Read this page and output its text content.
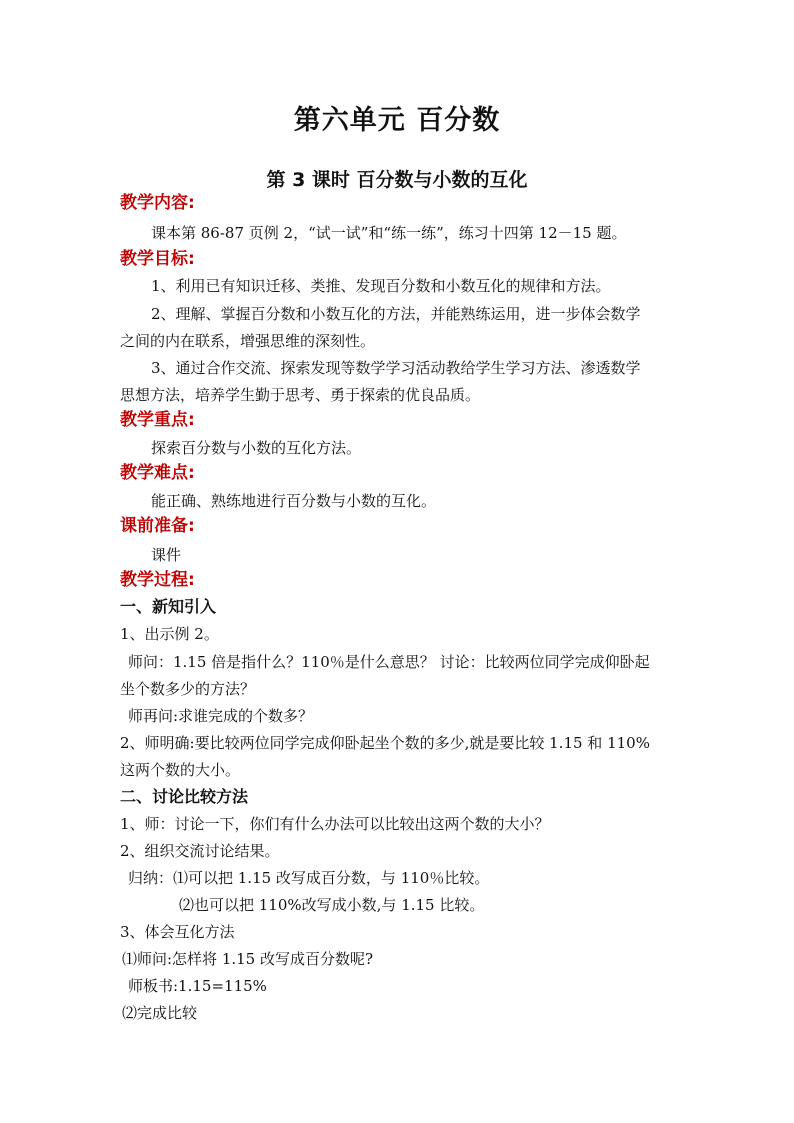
第六单元 百分数
第 3 课时 百分数与小数的互化
教学内容:
课本第 86-87 页例 2，“试一试”和“练一练”，练习十四第 12－15 题。
教学目标:
1、利用已有知识迁移、类推、发现百分数和小数互化的规律和方法。
2、理解、掌握百分数和小数互化的方法，并能熟练运用，进一步体会数学
之间的内在联系，增强思维的深刻性。
3、通过合作交流、探索发现等数学学习活动教给学生学习方法、渗透数学
思想方法，培养学生勤于思考、勇于探索的优良品质。
教学重点:
探索百分数与小数的互化方法。
教学难点:
能正确、熟练地进行百分数与小数的互化。
课前准备:
课件
教学过程:
一、新知引入
1、出示例 2。
师问：1.15 倍是指什么？110％是什么意思？ 讨论：比较两位同学完成仰卧起
坐个数多少的方法？
师再问:求谁完成的个数多？
2、师明确:要比较两位同学完成仰卧起坐个数的多少,就是要比较 1.15 和 110%
这两个数的大小。
二、讨论比较方法
1、师：讨论一下，你们有什么办法可以比较出这两个数的大小？
2、组织交流讨论结果。
归纳：⑴可以把 1.15 改写成百分数，与 110％比较。
⑵也可以把 110%改写成小数,与 1.15 比较。
3、体会互化方法
⑴师问:怎样将 1.15 改写成百分数呢?
师板书:1.15=115%
⑵完成比较
